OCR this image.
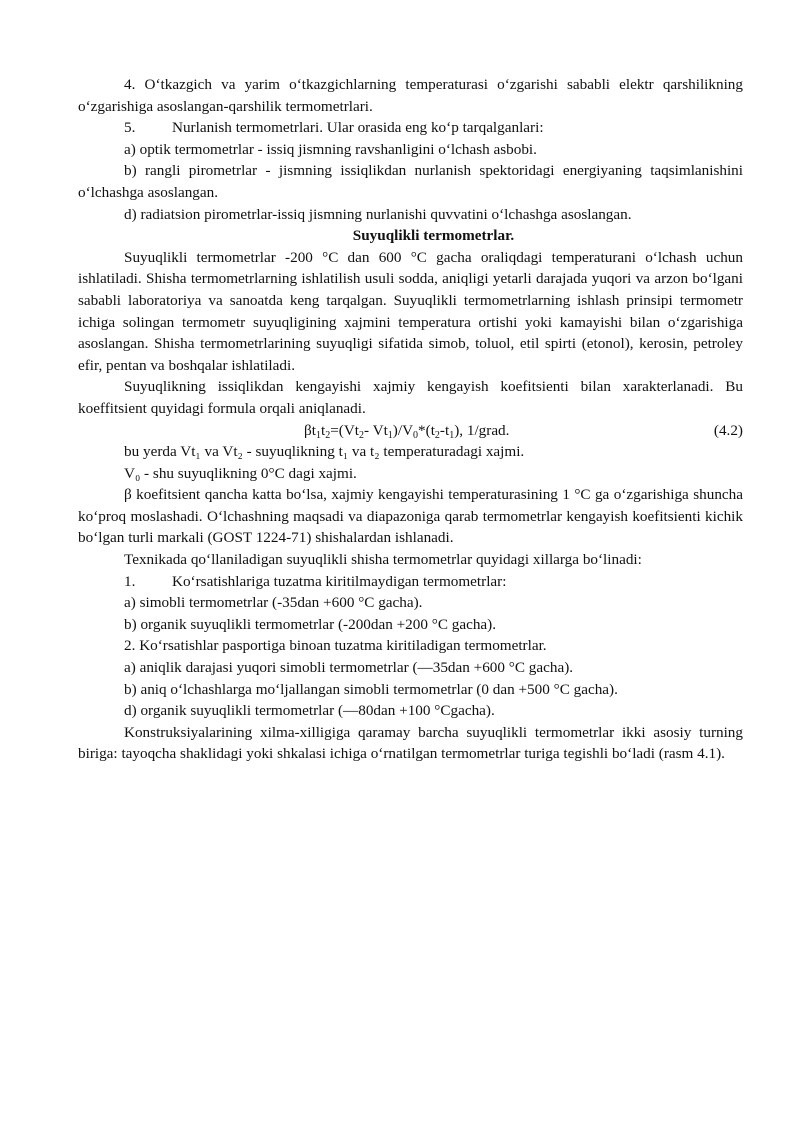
4. O‘tkazgich va yarim o‘tkazgichlarning temperaturasi o‘zgarishi sababli elektr qarshilikning o‘zgarishiga asoslangan-qarshilik termometrlari.

5. Nurlanish termometrlari. Ular orasida eng ko‘p tarqalganlari:

a) optik termometrlar - issiq jismning ravshanligini o‘lchash asbobi.

b) rangli pirometrlar - jismning issiqlikdan nurlanish spektoridagi energiyaning taqsimlanishini o‘lchashga asoslangan.

d) radiatsion pirometrlar-issiq jismning nurlanishi quvvatini o‘lchashga asoslangan.

Suyuqlikli termometrlar.

Suyuqlikli termometrlar -200 °C dan 600 °C gacha oraliqdagi temperaturani o‘lchash uchun ishlatiladi. Shisha termometrlarning ishlatilish usuli sodda, aniqligi yetarli darajada yuqori va arzon bo‘lgani sababli laboratoriya va sanoatda keng tarqalgan. Suyuqlikli termometrlarning ishlash prinsipi termometr ichiga solingan termometr suyuqligining xajmini temperatura ortishi yoki kamayishi bilan o‘zgarishiga asoslangan. Shisha termometrlarining suyuqligi sifatida simob, toluol, etil spirti (etonol), kerosin, petroley efir, pentan va boshqalar ishlatiladi.

Suyuqlikning issiqlikdan kengayishi xajmiy kengayish koefitsienti bilan xarakterlanadi. Bu koeffitsient quyidagi formula orqali aniqlanadi.

$\beta t_1t_2=(Vt_2-$ $Vt_1)/V_0*(t_2-t_1)$, 1/grad.	(4.2)

bu yerda Vt₁ va Vt₂ - suyuqlikning t₁ va t₂ temperaturadagi xajmi.

V₀ - shu suyuqlikning 0°C dagi xajmi.

β koefitsient qancha katta bo‘lsa, xajmiy kengayishi temperaturasining 1 °C ga o‘zgarishiga shuncha ko‘proq moslashadi. O‘lchashning maqsadi va diapazoniga qarab termometrlar kengayish koefitsienti kichik bo‘lgan turli markali (GOST 1224-71) shishalardan ishlanadi.

Texnikada qo‘llaniladigan suyuqlikli shisha termometrlar quyidagi xillarga bo‘linadi:

1. Ko‘rsatishlariga tuzatma kiritilmaydigan termometrlar:

a) simobli termometrlar (-35dan +600 °C gacha).

b) organik suyuqlikli termometrlar (-200dan +200 °C gacha).

2. Ko‘rsatishlar pasportiga binoan tuzatma kiritiladigan termometrlar.

a) aniqlik darajasi yuqori simobli termometrlar (—35dan +600 °C gacha).

b) aniq o‘lchashlarga mo‘ljallangan simobli termometrlar (0 dan +500 °C gacha).

d) organik suyuqlikli termometrlar (—80dan +100 °Cgacha).

Konstruksiyalarining xilma-xilligiga qaramay barcha suyuqlikli termometrlar ikki asosiy turning biriga: tayoqcha shaklidagi yoki shkalasi ichiga o‘rnatilgan termometrlar turiga tegishli bo‘ladi (rasm 4.1).
